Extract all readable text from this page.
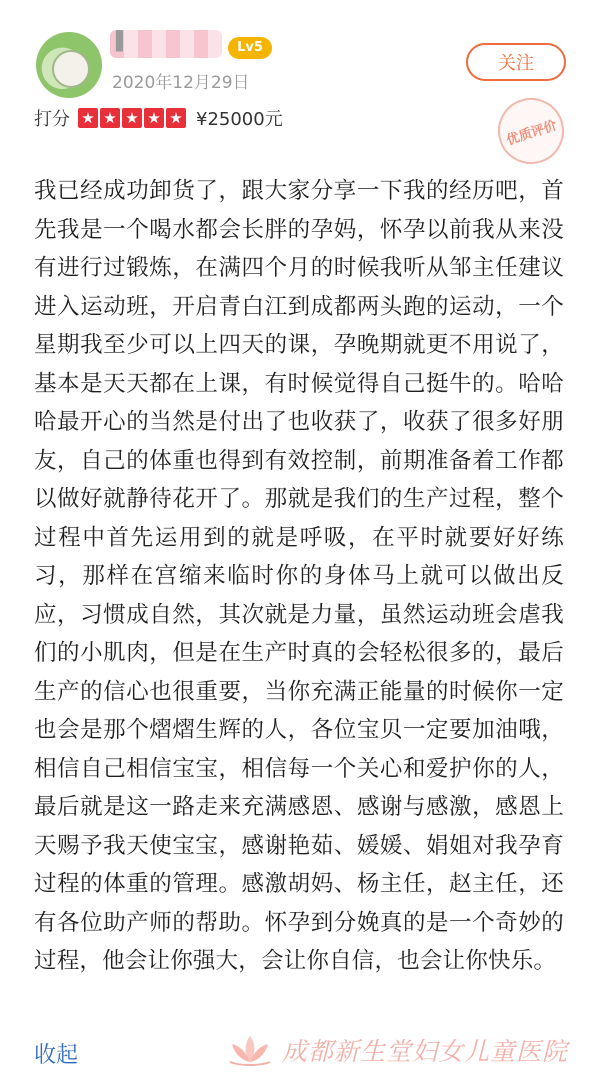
▌	Lv5
2020年12月29日
关注
打分 ★ ★ ★ ★ ★ ¥25000元	优质评价
我已经成功卸货了，跟大家分享一下我的经历吧，首先我是一个喝水都会长胖的孕妈，怀孕以前我从来没有进行过锻炼，在满四个月的时候我听从邹主任建议进入运动班，开启青白江到成都两头跑的运动，一个星期我至少可以上四天的课，孕晚期就更不用说了，基本是天天都在上课，有时候觉得自己挺牛的。哈哈哈最开心的当然是付出了也收获了，收获了很多好朋友，自己的体重也得到有效控制，前期准备着工作都以做好就静待花开了。那就是我们的生产过程，整个过程中首先运用到的就是呼吸，在平时就要好好练习，那样在宫缩来临时你的身体马上就可以做出反应，习惯成自然，其次就是力量，虽然运动班会虐我们的小肌肉，但是在生产时真的会轻松很多的，最后生产的信心也很重要，当你充满正能量的时候你一定也会是那个熠熠生辉的人，各位宝贝一定要加油哦，相信自己相信宝宝，相信每一个关心和爱护你的人，最后就是这一路走来充满感恩、感谢与感激，感恩上天赐予我天使宝宝，感谢艳茹、媛媛、娟姐对我孕育过程的体重的管理。感激胡妈、杨主任，赵主任，还有各位助产师的帮助。怀孕到分娩真的是一个奇妙的过程，他会让你强大，会让你自信，也会让你快乐。
收起	成都新生堂妇女儿童医院
